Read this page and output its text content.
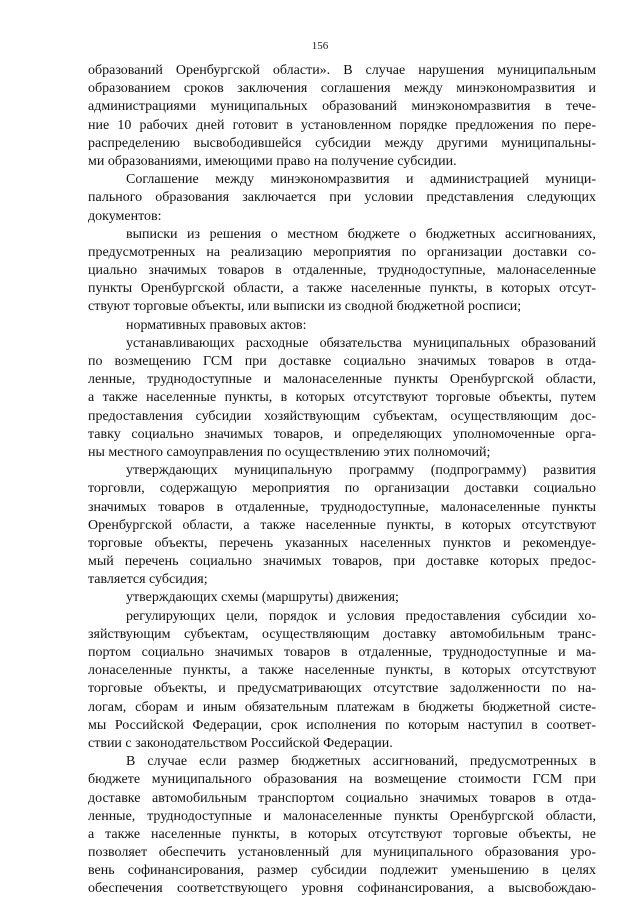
156
образований Оренбургской области». В случае нарушения муниципальным
образованием сроков заключения соглашения между минэкономразвития и
администрациями муниципальных образований минэкономразвития в тече-
ние 10 рабочих дней готовит в установленном порядке предложения по пере-
распределению высвободившейся субсидии между другими муниципальны-
ми образованиями, имеющими право на получение субсидии.
Соглашение между минэкономразвития и администрацией муници-
пального образования заключается при условии представления следующих
документов:
выписки из решения о местном бюджете о бюджетных ассигнованиях,
предусмотренных на реализацию мероприятия по организации доставки со-
циально значимых товаров в отдаленные, труднодоступные, малонаселенные
пункты Оренбургской области, а также населенные пункты, в которых отсут-
ствуют торговые объекты, или выписки из сводной бюджетной росписи;
нормативных правовых актов:
устанавливающих расходные обязательства муниципальных образований
по возмещению ГСМ при доставке социально значимых товаров в отда-
ленные, труднодоступные и малонаселенные пункты Оренбургской области,
а также населенные пункты, в которых отсутствуют торговые объекты, путем
предоставления субсидии хозяйствующим субъектам, осуществляющим дос-
тавку социально значимых товаров, и определяющих уполномоченные орга-
ны местного самоуправления по осуществлению этих полномочий;
утверждающих муниципальную программу (подпрограмму) развития
торговли, содержащую мероприятия по организации доставки социально
значимых товаров в отдаленные, труднодоступные, малонаселенные пункты
Оренбургской области, а также населенные пункты, в которых отсутствуют
торговые объекты, перечень указанных населенных пунктов и рекомендуе-
мый перечень социально значимых товаров, при доставке которых предос-
тавляется субсидия;
утверждающих схемы (маршруты) движения;
регулирующих цели, порядок и условия предоставления субсидии хо-
зяйствующим субъектам, осуществляющим доставку автомобильным транс-
портом социально значимых товаров в отдаленные, труднодоступные и ма-
лонаселенные пункты, а также населенные пункты, в которых отсутствуют
торговые объекты, и предусматривающих отсутствие задолженности по на-
логам, сборам и иным обязательным платежам в бюджеты бюджетной систе-
мы Российской Федерации, срок исполнения по которым наступил в соответ-
ствии с законодательством Российской Федерации.
В случае если размер бюджетных ассигнований, предусмотренных в
бюджете муниципального образования на возмещение стоимости ГСМ при
доставке автомобильным транспортом социально значимых товаров в отда-
ленные, труднодоступные и малонаселенные пункты Оренбургской области,
а также населенные пункты, в которых отсутствуют торговые объекты, не
позволяет обеспечить установленный для муниципального образования уро-
вень софинансирования, размер субсидии подлежит уменьшению в целях
обеспечения соответствующего уровня софинансирования, а высвобождаю-
